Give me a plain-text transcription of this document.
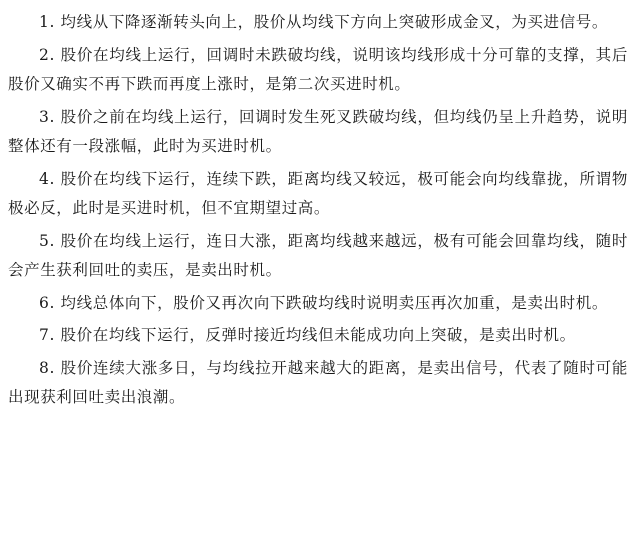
1. 均线从下降逐渐转头向上，股价从均线下方向上突破形成金叉，为买进信号。

2. 股价在均线上运行，回调时未跌破均线，说明该均线形成十分可靠的支撑，其后股价又确实不再下跌而再度上涨时，是第二次买进时机。

3. 股价之前在均线上运行，回调时发生死叉跌破均线，但均线仍呈上升趋势，说明整体还有一段涨幅，此时为买进时机。

4. 股价在均线下运行，连续下跌，距离均线又较远，极可能会向均线靠拢，所谓物极必反，此时是买进时机，但不宜期望过高。

5. 股价在均线上运行，连日大涨，距离均线越来越远，极有可能会回靠均线，随时会产生获利回吐的卖压，是卖出时机。

6. 均线总体向下，股价又再次向下跌破均线时说明卖压再次加重，是卖出时机。

7. 股价在均线下运行，反弹时接近均线但未能成功向上突破，是卖出时机。

8. 股价连续大涨多日，与均线拉开越来越大的距离，是卖出信号，代表了随时可能出现获利回吐卖出浪潮。
